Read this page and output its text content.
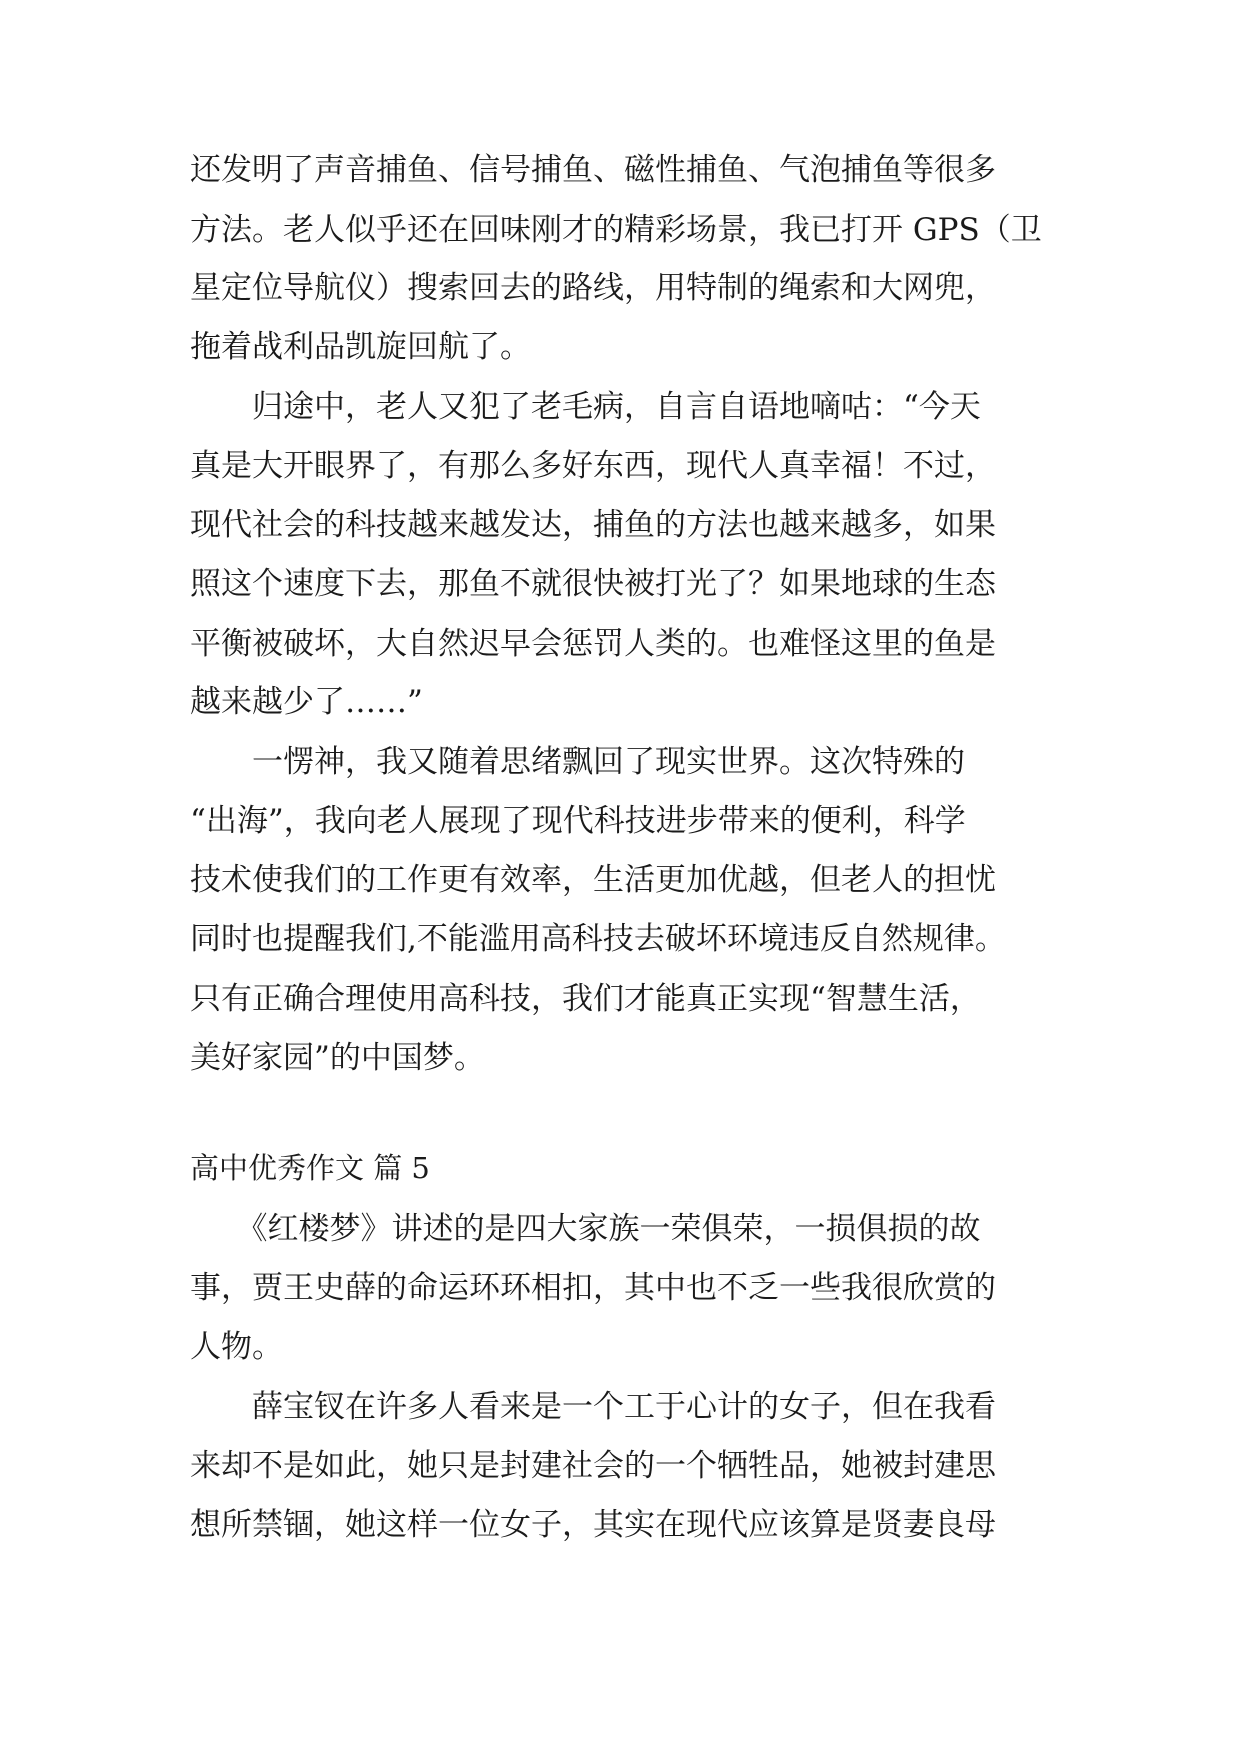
还发明了声音捕鱼、信号捕鱼、磁性捕鱼、气泡捕鱼等很多
方法。老人似乎还在回味刚才的精彩场景，我已打开 GPS（卫
星定位导航仪）搜索回去的路线，用特制的绳索和大网兜，
拖着战利品凯旋回航了。
　　归途中，老人又犯了老毛病，自言自语地嘀咕：“今天
真是大开眼界了，有那么多好东西，现代人真幸福！不过，
现代社会的科技越来越发达，捕鱼的方法也越来越多，如果
照这个速度下去，那鱼不就很快被打光了？如果地球的生态
平衡被破坏，大自然迟早会惩罚人类的。也难怪这里的鱼是
越来越少了……”
　　一愣神，我又随着思绪飘回了现实世界。这次特殊的
“出海”，我向老人展现了现代科技进步带来的便利，科学
技术使我们的工作更有效率，生活更加优越，但老人的担忧
同时也提醒我们,不能滥用高科技去破坏环境违反自然规律。
只有正确合理使用高科技，我们才能真正实现“智慧生活，
美好家园”的中国梦。
高中优秀作文 篇 5
　　《红楼梦》讲述的是四大家族一荣俱荣，一损俱损的故
事，贾王史薛的命运环环相扣，其中也不乏一些我很欣赏的
人物。
　　薛宝钗在许多人看来是一个工于心计的女子，但在我看
来却不是如此，她只是封建社会的一个牺牲品，她被封建思
想所禁锢，她这样一位女子，其实在现代应该算是贤妻良母
